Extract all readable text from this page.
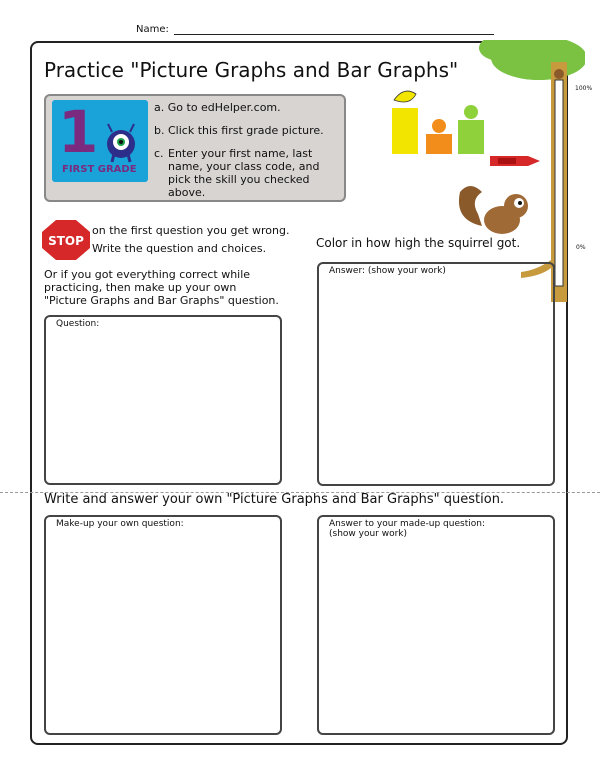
Name:
Practice "Picture Graphs and Bar Graphs"
1
FIRST GRADE
a. Go to edHelper.com.
b. Click this first grade picture.
c. Enter your first name, last
name, your class code, and
pick the skill you checked
above.
100%
0%
STOP
on the first question you get wrong.
Write the question and choices.
Or if you got everything correct while
practicing, then make up your own
"Picture Graphs and Bar Graphs" question.
Question:
Color in how high the squirrel got.
Answer: (show your work)
Write and answer your own "Picture Graphs and Bar Graphs" question.
Make-up your own question:	Answer to your made-up question:
(show your work)
